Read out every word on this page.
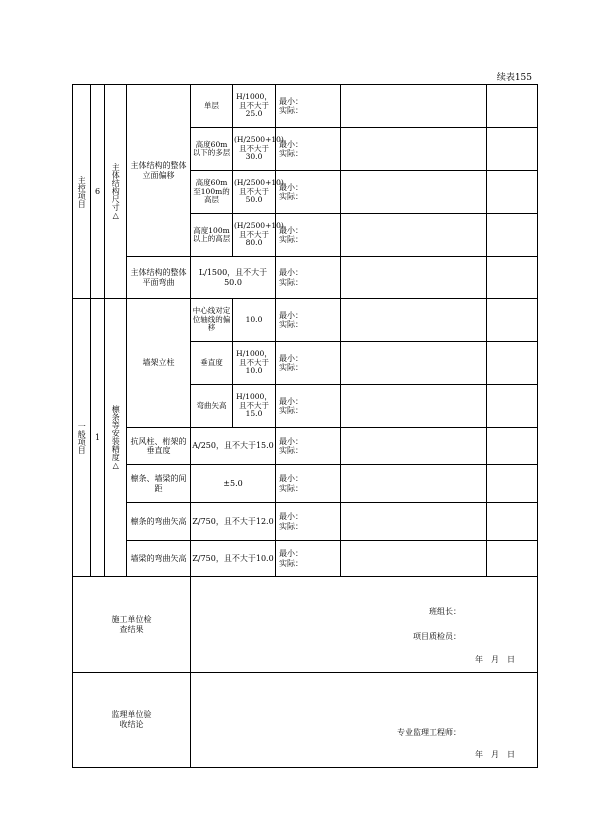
续表155
主控项目	6	主体结构尺寸△	主体结构的整体立面偏移	单层	H/1000，且不大于25.0	最小：
实际：		
				高度60m以下的多层	(H/2500+10)，且不大于30.0	最小：
实际：		
				高度60m至100m的高层	(H/2500+10)，且不大于50.0	最小：
实际：		
				高度100m以上的高层	(H/2500+10)，且不大于80.0	最小：
实际：		
			主体结构的整体平面弯曲	L/1500，且不大于50.0		最小：
实际：		
一般项目	1	檩条等安装精度△	墙架立柱	中心线对定位轴线的偏移	10.0	最小：
实际：		
				垂直度	H/1000，且不大于10.0	最小：
实际：		
				弯曲矢高	H/1000，且不大于15.0	最小：
实际：		
			抗风柱、桁架的垂直度	A/250，且不大于15.0		最小：
实际：		
			檩条、墙梁的间距	±5.0		最小：
实际：		
			檩条的弯曲矢高	Z/750，且不大于12.0		最小：
实际：		
			墙梁的弯曲矢高	Z/750，且不大于10.0		最小：
实际：		
施工单位检查结果				班组长：
项目质检员：
年　月　日				

监理单位验收结论				专业监理工程师：
年　月　日				
